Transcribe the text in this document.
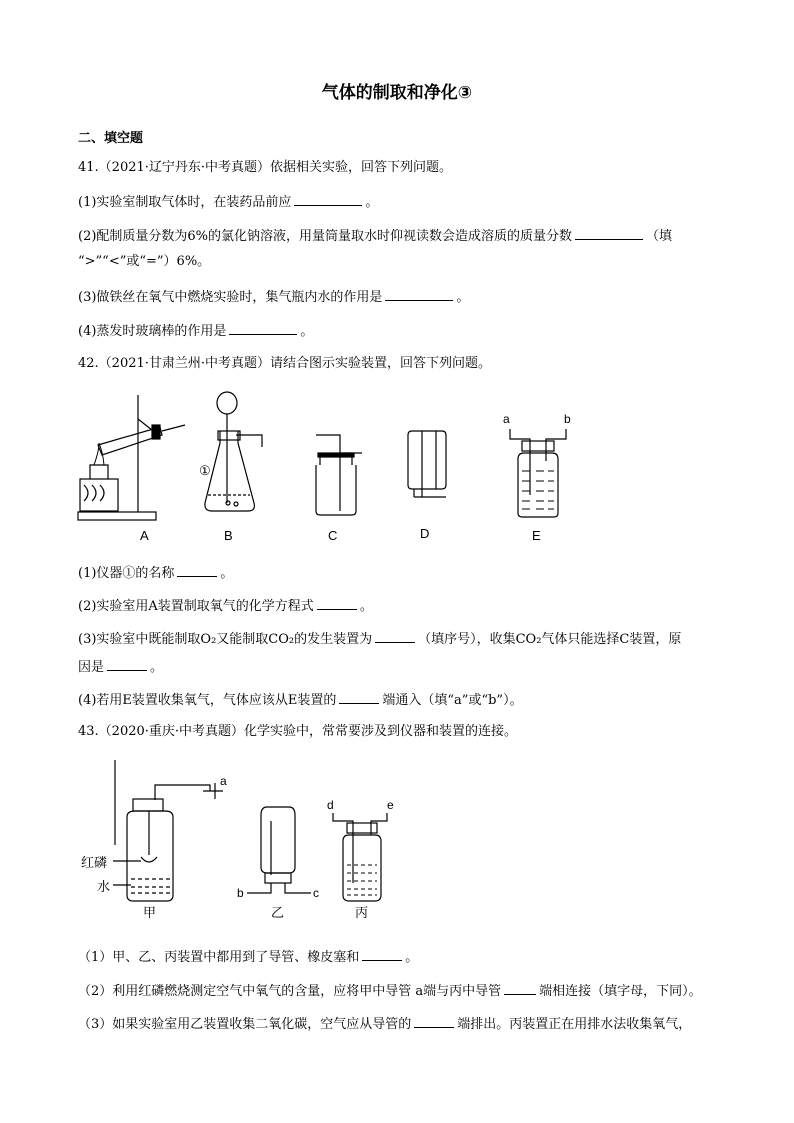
气体的制取和净化③
二、填空题
41.（2021·辽宁丹东·中考真题）依据相关实验，回答下列问题。
(1)实验室制取气体时，在装药品前应	。
(2)配制质量分数为6%的氯化钠溶液，用量筒量取水时仰视读数会造成溶质的质量分数	（填
“>”“<”或“=”）6%。
(3)做铁丝在氧气中燃烧实验时，集气瓶内水的作用是	。
(4)蒸发时玻璃棒的作用是	。
42.（2021·甘肃兰州·中考真题）请结合图示实验装置，回答下列问题。
A
①
B	C	D
a	b
E
(1)仪器①的名称	。
(2)实验室用A装置制取氧气的化学方程式	。
(3)实验室中既能制取O₂又能制取CO₂的发生装置为	（填序号），收集CO₂气体只能选择C装置，原
因是	。
(4)若用E装置收集氧气，气体应该从E装置的	端通入（填“a”或“b”）。
43.（2020·重庆·中考真题）化学实验中，常常要涉及到仪器和装置的连接。
a
红磷
水
甲
b	c
乙
d	e
丙
（1）甲、乙、丙装置中都用到了导管、橡皮塞和	。
（2）利用红磷燃烧测定空气中氧气的含量，应将甲中导管 a端与丙中导管	端相连接（填字母，下同）。
（3）如果实验室用乙装置收集二氧化碳，空气应从导管的	端排出。丙装置正在用排水法收集氧气，
